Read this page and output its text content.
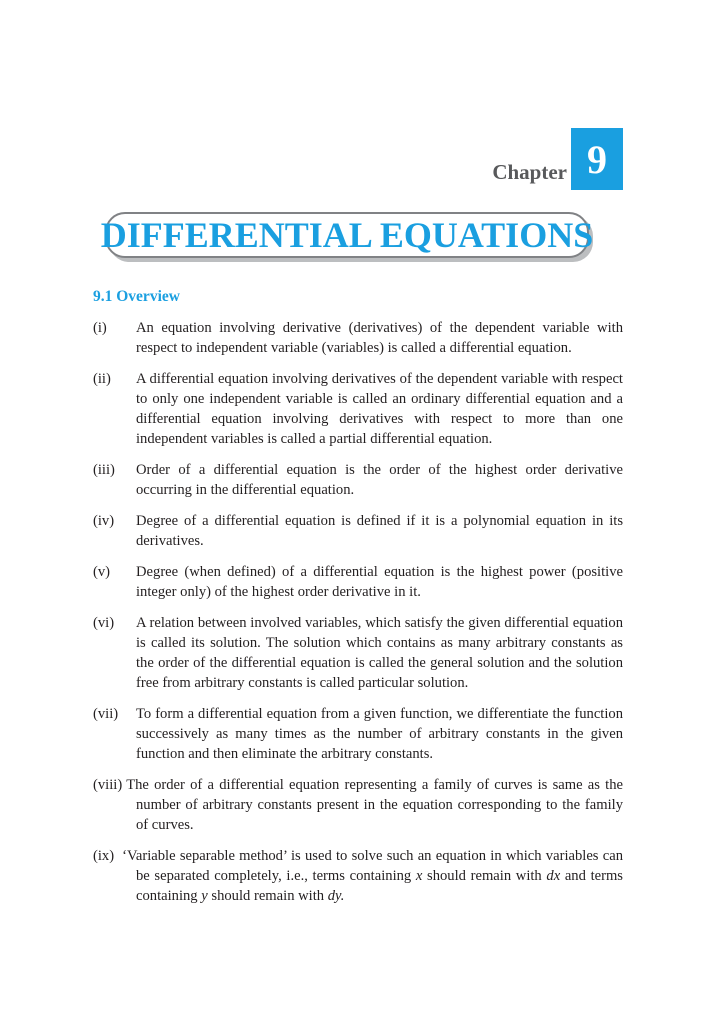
Chapter 9
DIFFERENTIAL EQUATIONS
9.1 Overview
(i)	An equation involving derivative (derivatives) of the dependent variable with respect to independent variable (variables) is called a differential equation.
(ii)	A differential equation involving derivatives of the dependent variable with respect to only one independent variable is called an ordinary differential equation and a differential equation involving derivatives with respect to more than one independent variables is called a partial differential equation.
(iii)	Order of a differential equation is the order of the highest order derivative occurring in the differential equation.
(iv)	Degree of a differential equation is defined if it is a polynomial equation in its derivatives.
(v)	Degree (when defined) of a differential equation is the highest power (positive integer only) of the highest order derivative in it.
(vi)	A relation between involved variables, which satisfy the given differential equation is called its solution. The solution which contains as many arbitrary constants as the order of the differential equation is called the general solution and the solution free from arbitrary constants is called particular solution.
(vii)	To form a differential equation from a given function, we differentiate the function successively as many times as the number of arbitrary constants in the given function and then eliminate the arbitrary constants.
(viii) The order of a differential equation representing a family of curves is same as the number of arbitrary constants present in the equation corresponding to the family of curves.
(ix) ‘Variable separable method’ is used to solve such an equation in which variables can be separated completely, i.e., terms containing x should remain with dx and terms containing y should remain with dy.
